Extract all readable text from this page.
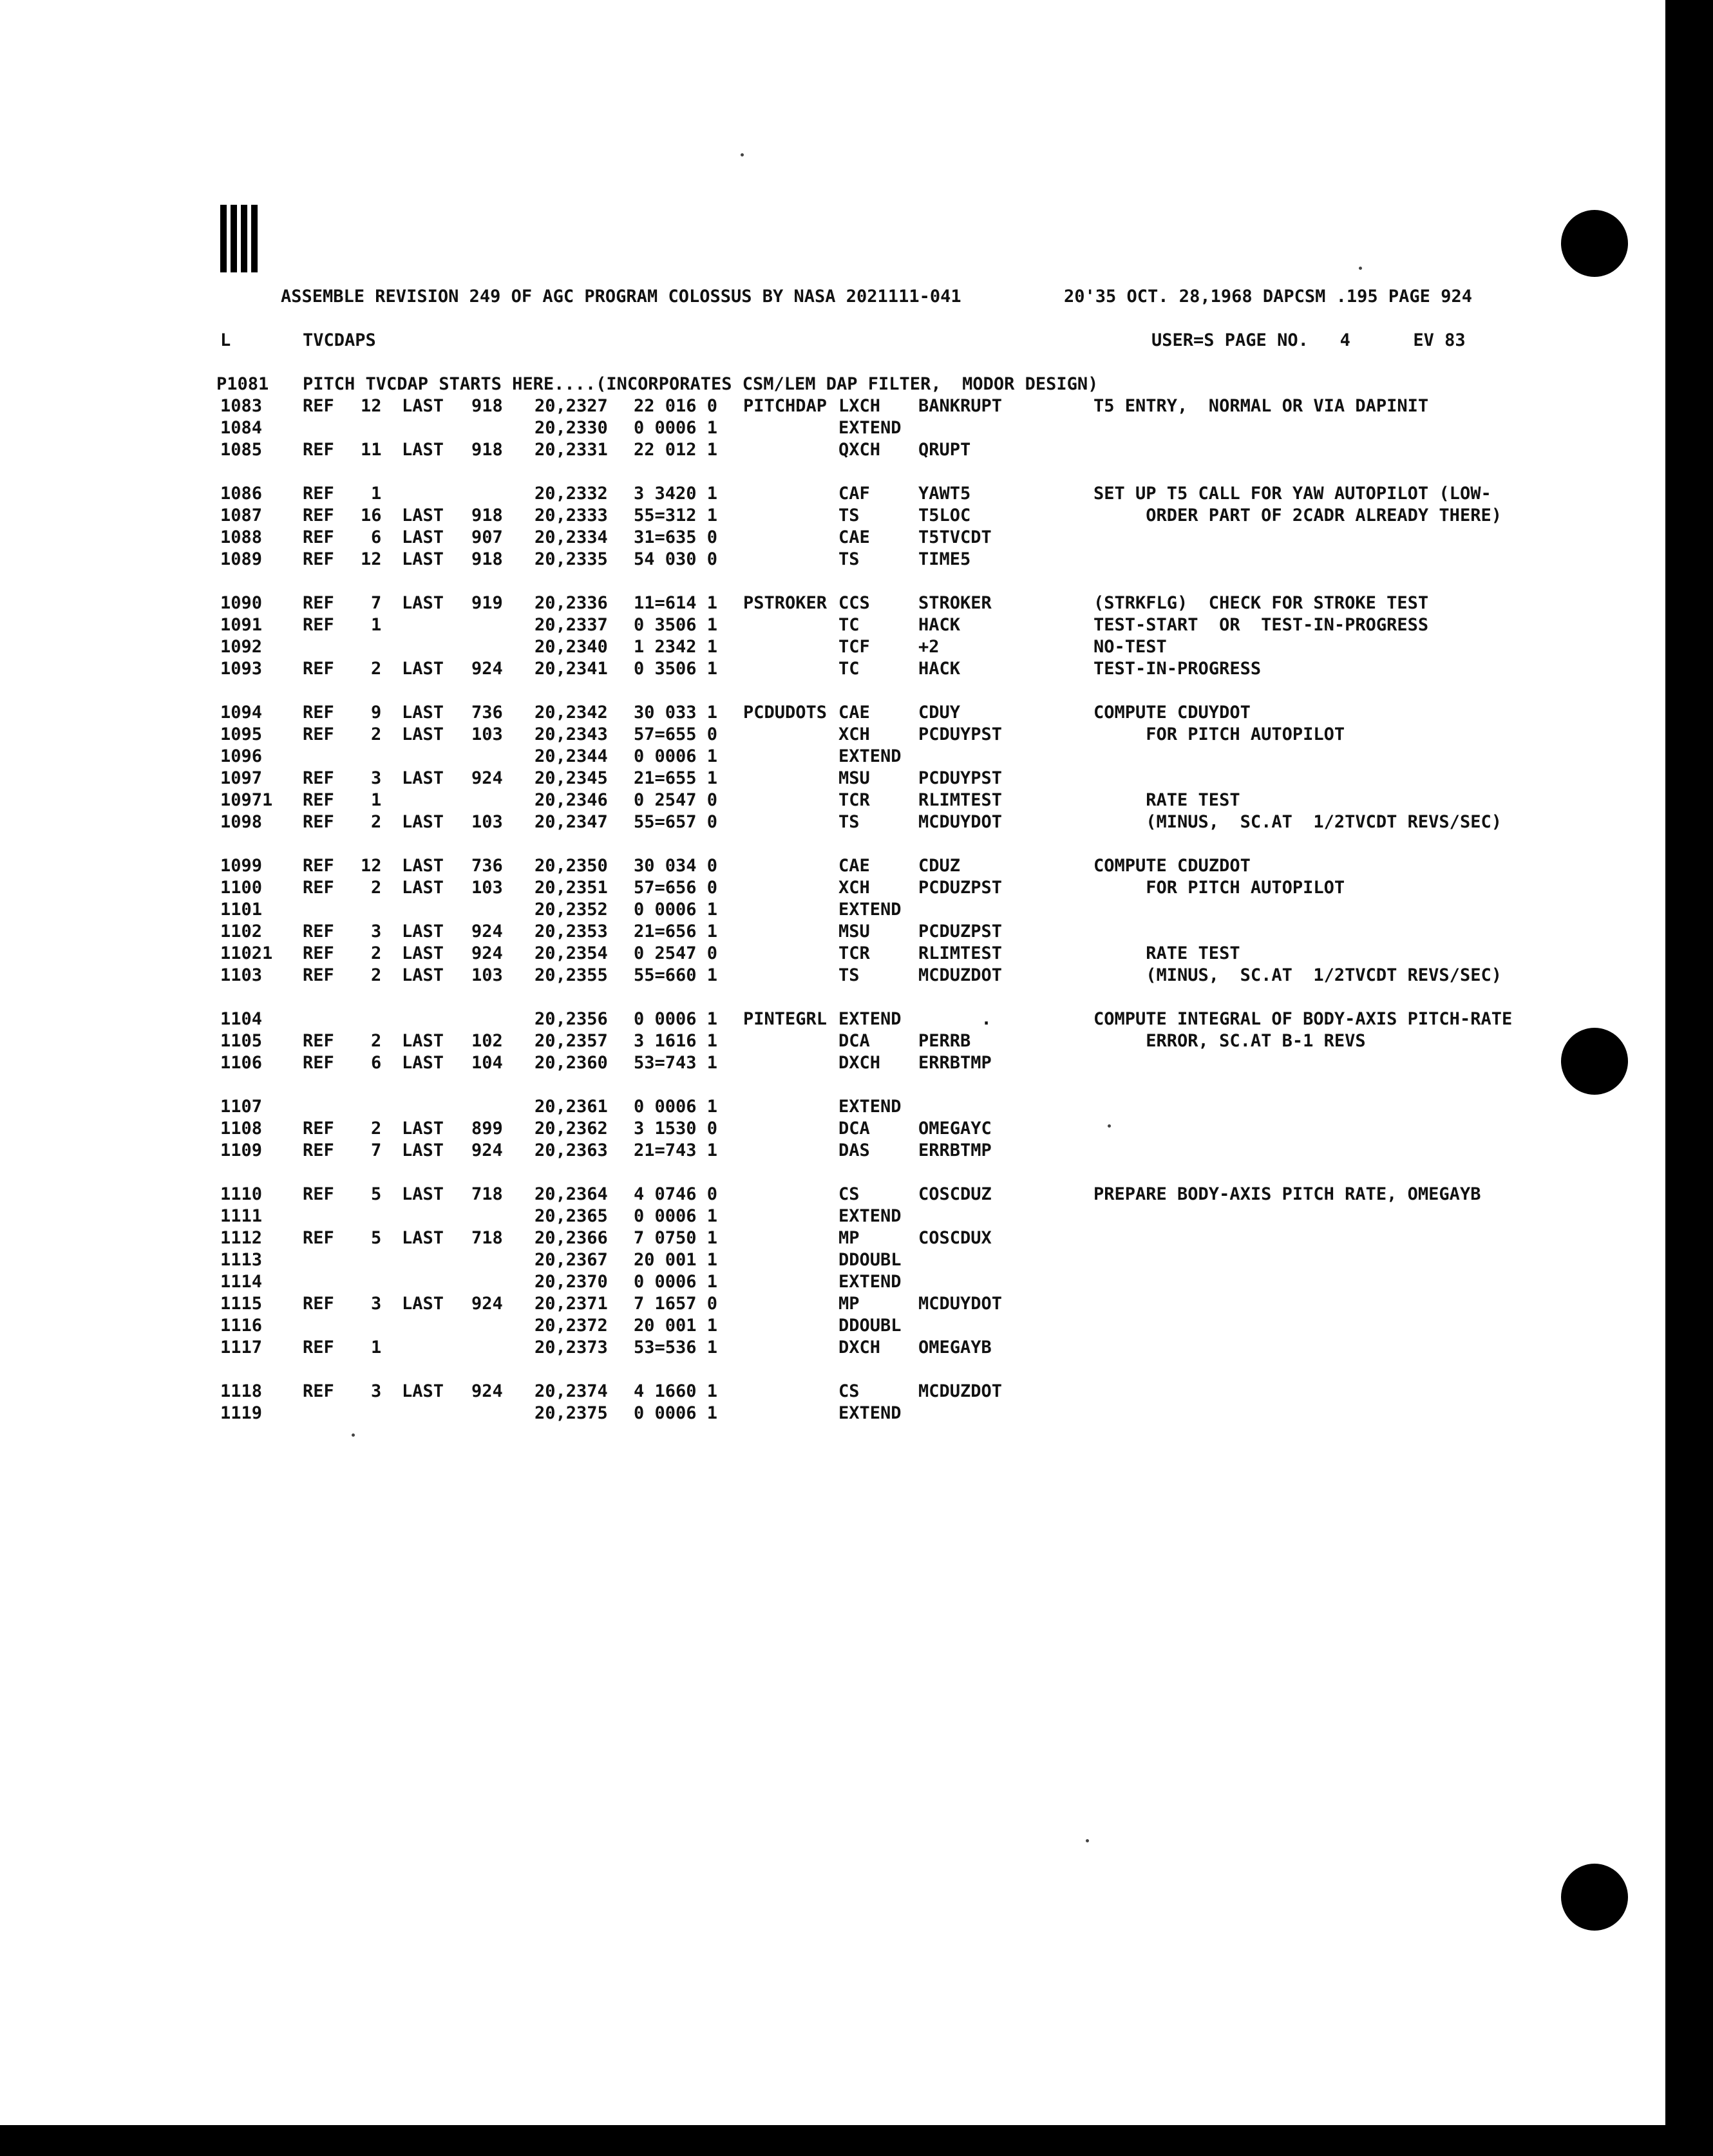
ASSEMBLE REVISION 249 OF AGC PROGRAM COLOSSUS BY NASA 2021111-041

	20'35 OCT. 28,1968 DAPCSM .195 PAGE 924

L

	TVCDAPS

	USER=S PAGE NO.   4      EV 83

P1081

PITCH TVCDAP STARTS HERE....(INCORPORATES CSM/LEM DAP FILTER,  MODOR DESIGN)

1083 REF 12 LAST 918 20,2327 22 016 0 PITCHDAP LXCH BANKRUPT	T5 ENTRY,  NORMAL OR VIA DAPINIT
1084	20,2330 0 0006 1	EXTEND
1085 REF 11 LAST 918 20,2331 22 012 1	QXCH QRUPT
1086 REF 1	20,2332 3 3420 1	CAF	YAWT5	SET UP T5 CALL FOR YAW AUTOPILOT (LOW-
1087 REF 16 LAST 918 20,2333 55=312 1	TS	T5LOC	ORDER PART OF 2CADR ALREADY THERE)
1088 REF 6 LAST 907 20,2334 31=635 0	CAE	T5TVCDT
1089 REF 12 LAST 918 20,2335 54 030 0	TS	TIME5
1090 REF 7 LAST 919 20,2336 11=614 1 PSTROKER CCS	STROKER	(STRKFLG)  CHECK FOR STROKE TEST
1091 REF 1	20,2337 0 3506 1	TC	HACK	TEST-START  OR  TEST-IN-PROGRESS
1092	20,2340 1 2342 1	TCF	+2	NO-TEST
1093 REF 2 LAST 924 20,2341 0 3506 1	TC	HACK	TEST-IN-PROGRESS
1094 REF 9 LAST 736 20,2342 30 033 1 PCDUDOTS CAE	CDUY	COMPUTE CDUYDOT
1095 REF 2 LAST 103 20,2343 57=655 0	XCH	PCDUYPST	FOR PITCH AUTOPILOT
1096	20,2344 0 0006 1	EXTEND
1097 REF 3 LAST 924 20,2345 21=655 1	MSU	PCDUYPST
10971 REF 1	20,2346 0 2547 0	TCR	RLIMTEST	RATE TEST
1098 REF 2 LAST 103 20,2347 55=657 0	TS	MCDUYDOT	(MINUS,  SC.AT  1/2TVCDT REVS/SEC)
1099 REF 12 LAST 736 20,2350 30 034 0	CAE	CDUZ	COMPUTE CDUZDOT
1100 REF 2 LAST 103 20,2351 57=656 0	XCH	PCDUZPST	FOR PITCH AUTOPILOT
1101	20,2352 0 0006 1	EXTEND
1102 REF 3 LAST 924 20,2353 21=656 1	MSU	PCDUZPST
11021 REF 2 LAST 924 20,2354 0 2547 0	TCR	RLIMTEST	RATE TEST
1103 REF 2 LAST 103 20,2355 55=660 1	TS	MCDUZDOT	(MINUS,  SC.AT  1/2TVCDT REVS/SEC)
1104	20,2356 0 0006 1 PINTEGRL EXTEND .	COMPUTE INTEGRAL OF BODY-AXIS PITCH-RATE
1105 REF 2 LAST 102 20,2357 3 1616 1	DCA	PERRB	ERROR, SC.AT B-1 REVS
1106 REF 6 LAST 104 20,2360 53=743 1	DXCH ERRBTMP
1107	20,2361 0 0006 1	EXTEND
1108 REF 2 LAST 899 20,2362 3 1530 0	DCA	OMEGAYC
1109 REF 7 LAST 924 20,2363 21=743 1	DAS	ERRBTMP
1110 REF 5 LAST 718 20,2364 4 0746 0	CS	COSCDUZ	PREPARE BODY-AXIS PITCH RATE, OMEGAYB
1111	20,2365 0 0006 1	EXTEND
1112 REF 5 LAST 718 20,2366 7 0750 1	MP	COSCDUX
1113	20,2367 20 001 1	DDOUBL
1114	20,2370 0 0006 1	EXTEND
1115 REF 3 LAST 924 20,2371 7 1657 0	MP	MCDUYDOT
1116	20,2372 20 001 1	DDOUBL
1117 REF 1	20,2373 53=536 1	DXCH OMEGAYB
1118 REF 3 LAST 924 20,2374 4 1660 1	CS	MCDUZDOT
1119	20,2375 0 0006 1	EXTEND
